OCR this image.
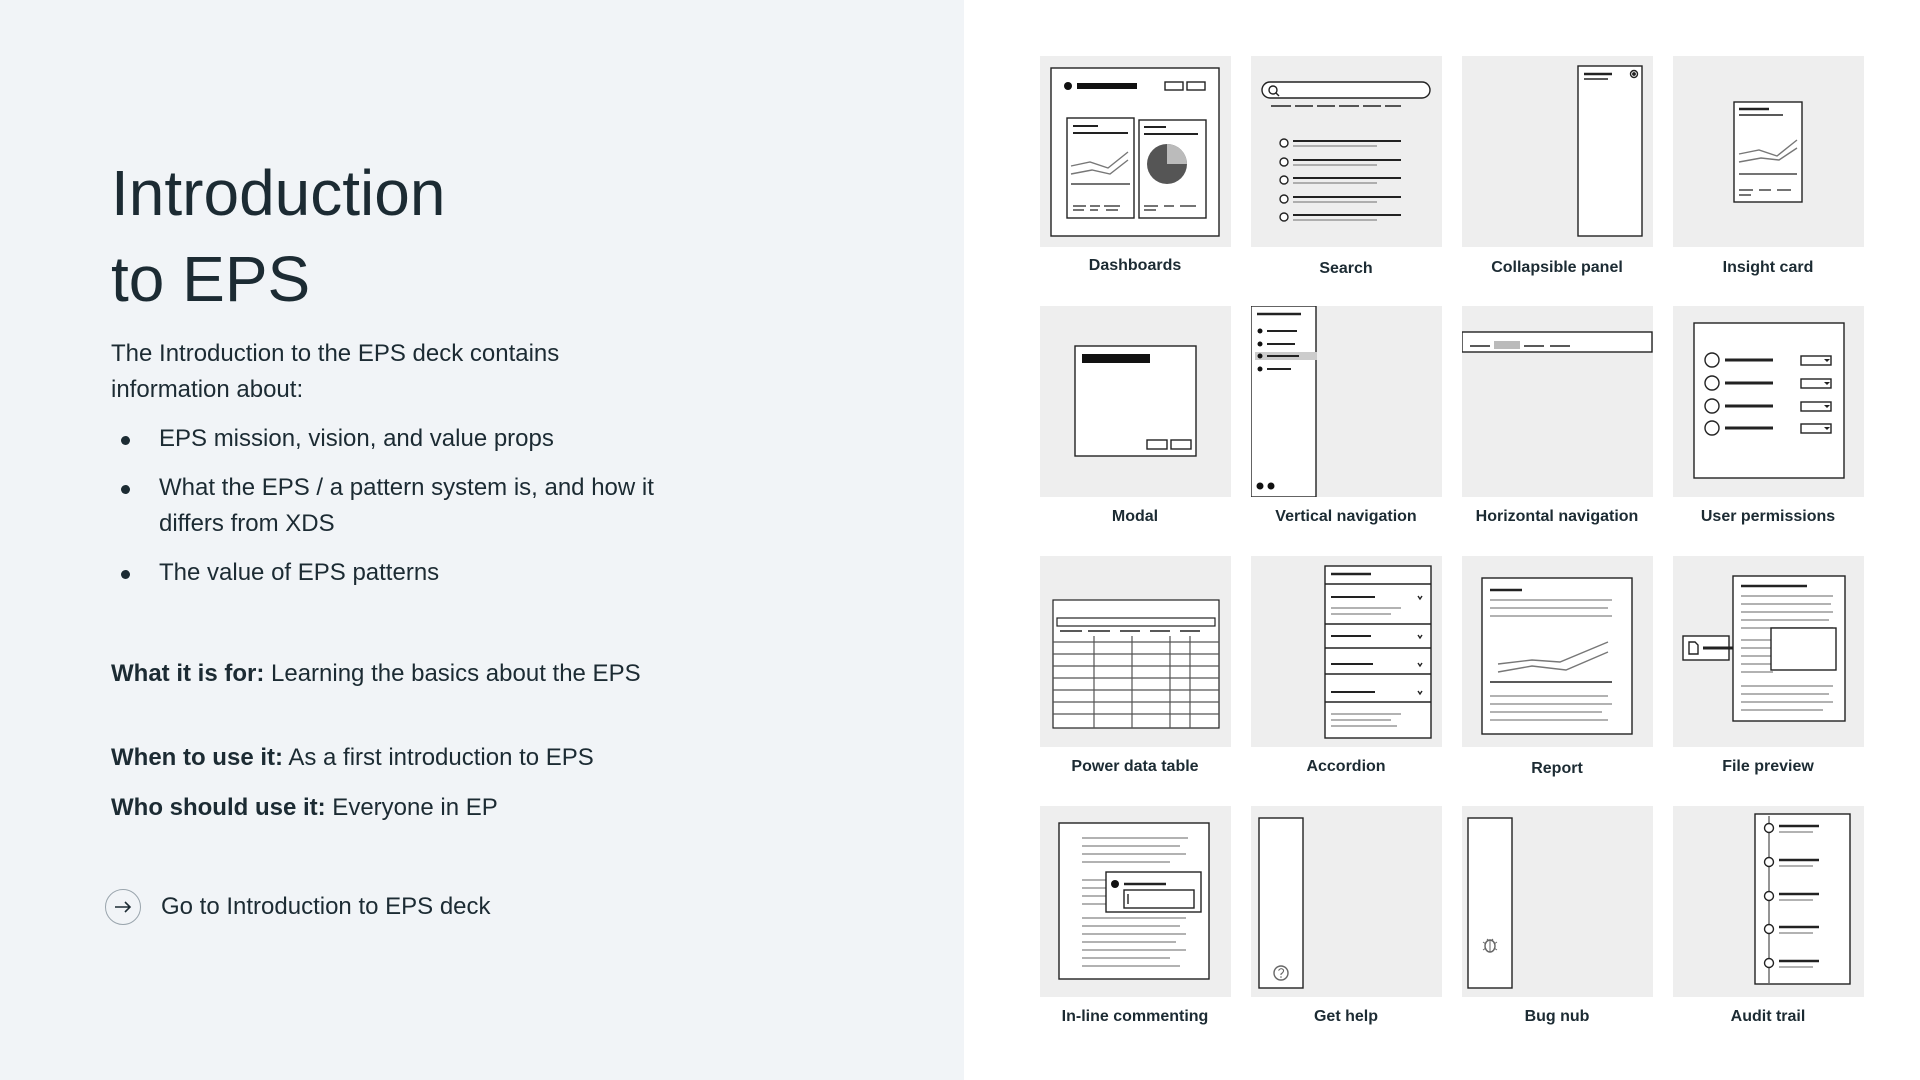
Introduction
to EPS
The Introduction to the EPS deck contains information about:
EPS mission, vision, and value props
What the EPS / a pattern system is, and how it differs from XDS
The value of EPS patterns
What it is for: Learning the basics about the EPS
When to use it: As a first introduction to EPS
Who should use it: Everyone in EP
Go to Introduction to EPS deck
Dashboards	Search	Collapsible panel	Insight card
Modal	Vertical navigation	Horizontal navigation	User permissions
Power data table	Accordion	Report	File preview
In-line commenting	Get help	Bug nub	Audit trail
